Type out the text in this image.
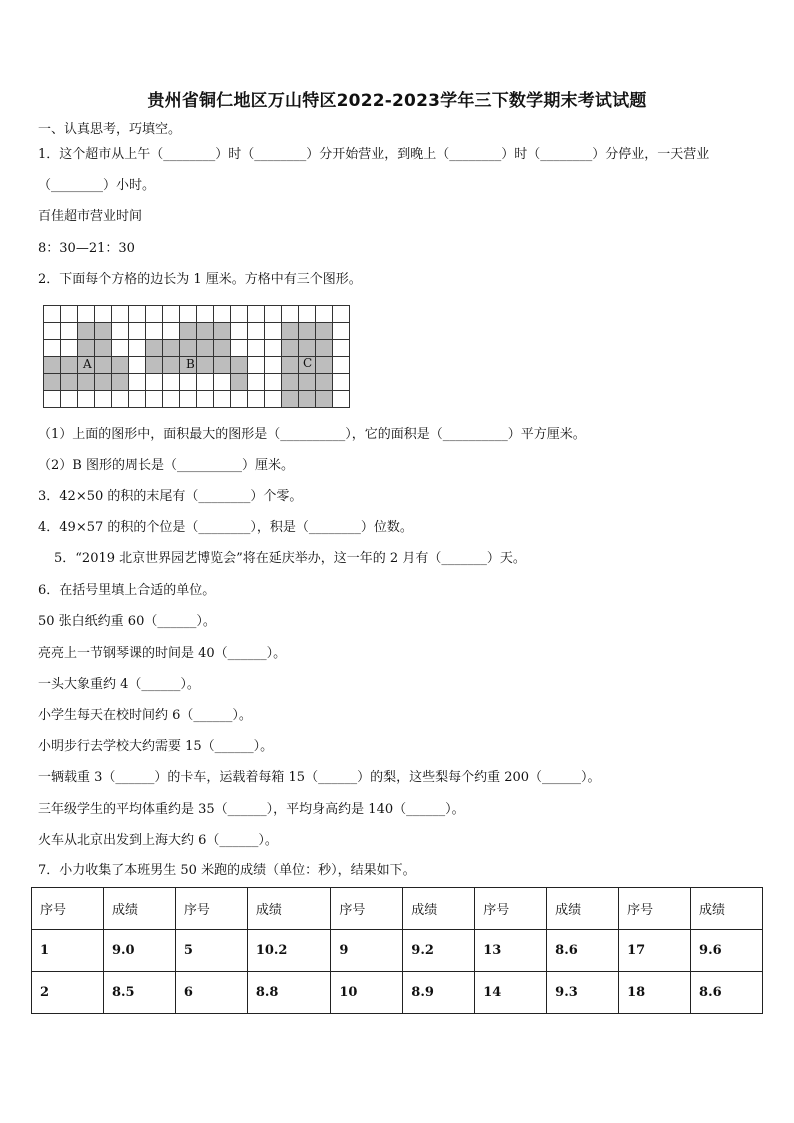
贵州省铜仁地区万山特区2022-2023学年三下数学期末考试试题
一、认真思考，巧填空。
1．这个超市从上午（________）时（________）分开始营业，到晚上（________）时（________）分停业，一天营业
（________）小时。
百佳超市营业时间
8：30—21：30
2．下面每个方格的边长为 1 厘米。方格中有三个图形。
A	B	C
（1）上面的图形中，面积最大的图形是（__________），它的面积是（__________）平方厘米。
（2）B 图形的周长是（__________）厘米。
3．42×50 的积的末尾有（________）个零。
4．49×57 的积的个位是（________），积是（________）位数。
5．“2019 北京世界园艺博览会”将在延庆举办，这一年的 2 月有（_______）天。
6．在括号里填上合适的单位。
50 张白纸约重 60（______）。
亮亮上一节钢琴课的时间是 40（______）。
一头大象重约 4（______）。
小学生每天在校时间约 6（______）。
小明步行去学校大约需要 15（______）。
一辆载重 3（______）的卡车，运载着每箱 15（______）的梨，这些梨每个约重 200（______）。
三年级学生的平均体重约是 35（______），平均身高约是 140（______）。
火车从北京出发到上海大约 6（______）。
7．小力收集了本班男生 50 米跑的成绩（单位：秒），结果如下。
序号	成绩	序号	成绩	序号	成绩	序号	成绩	序号	成绩
1	9.0	5	10.2	9	9.2	13	8.6	17	9.6
2	8.5	6	8.8	10	8.9	14	9.3	18	8.6
